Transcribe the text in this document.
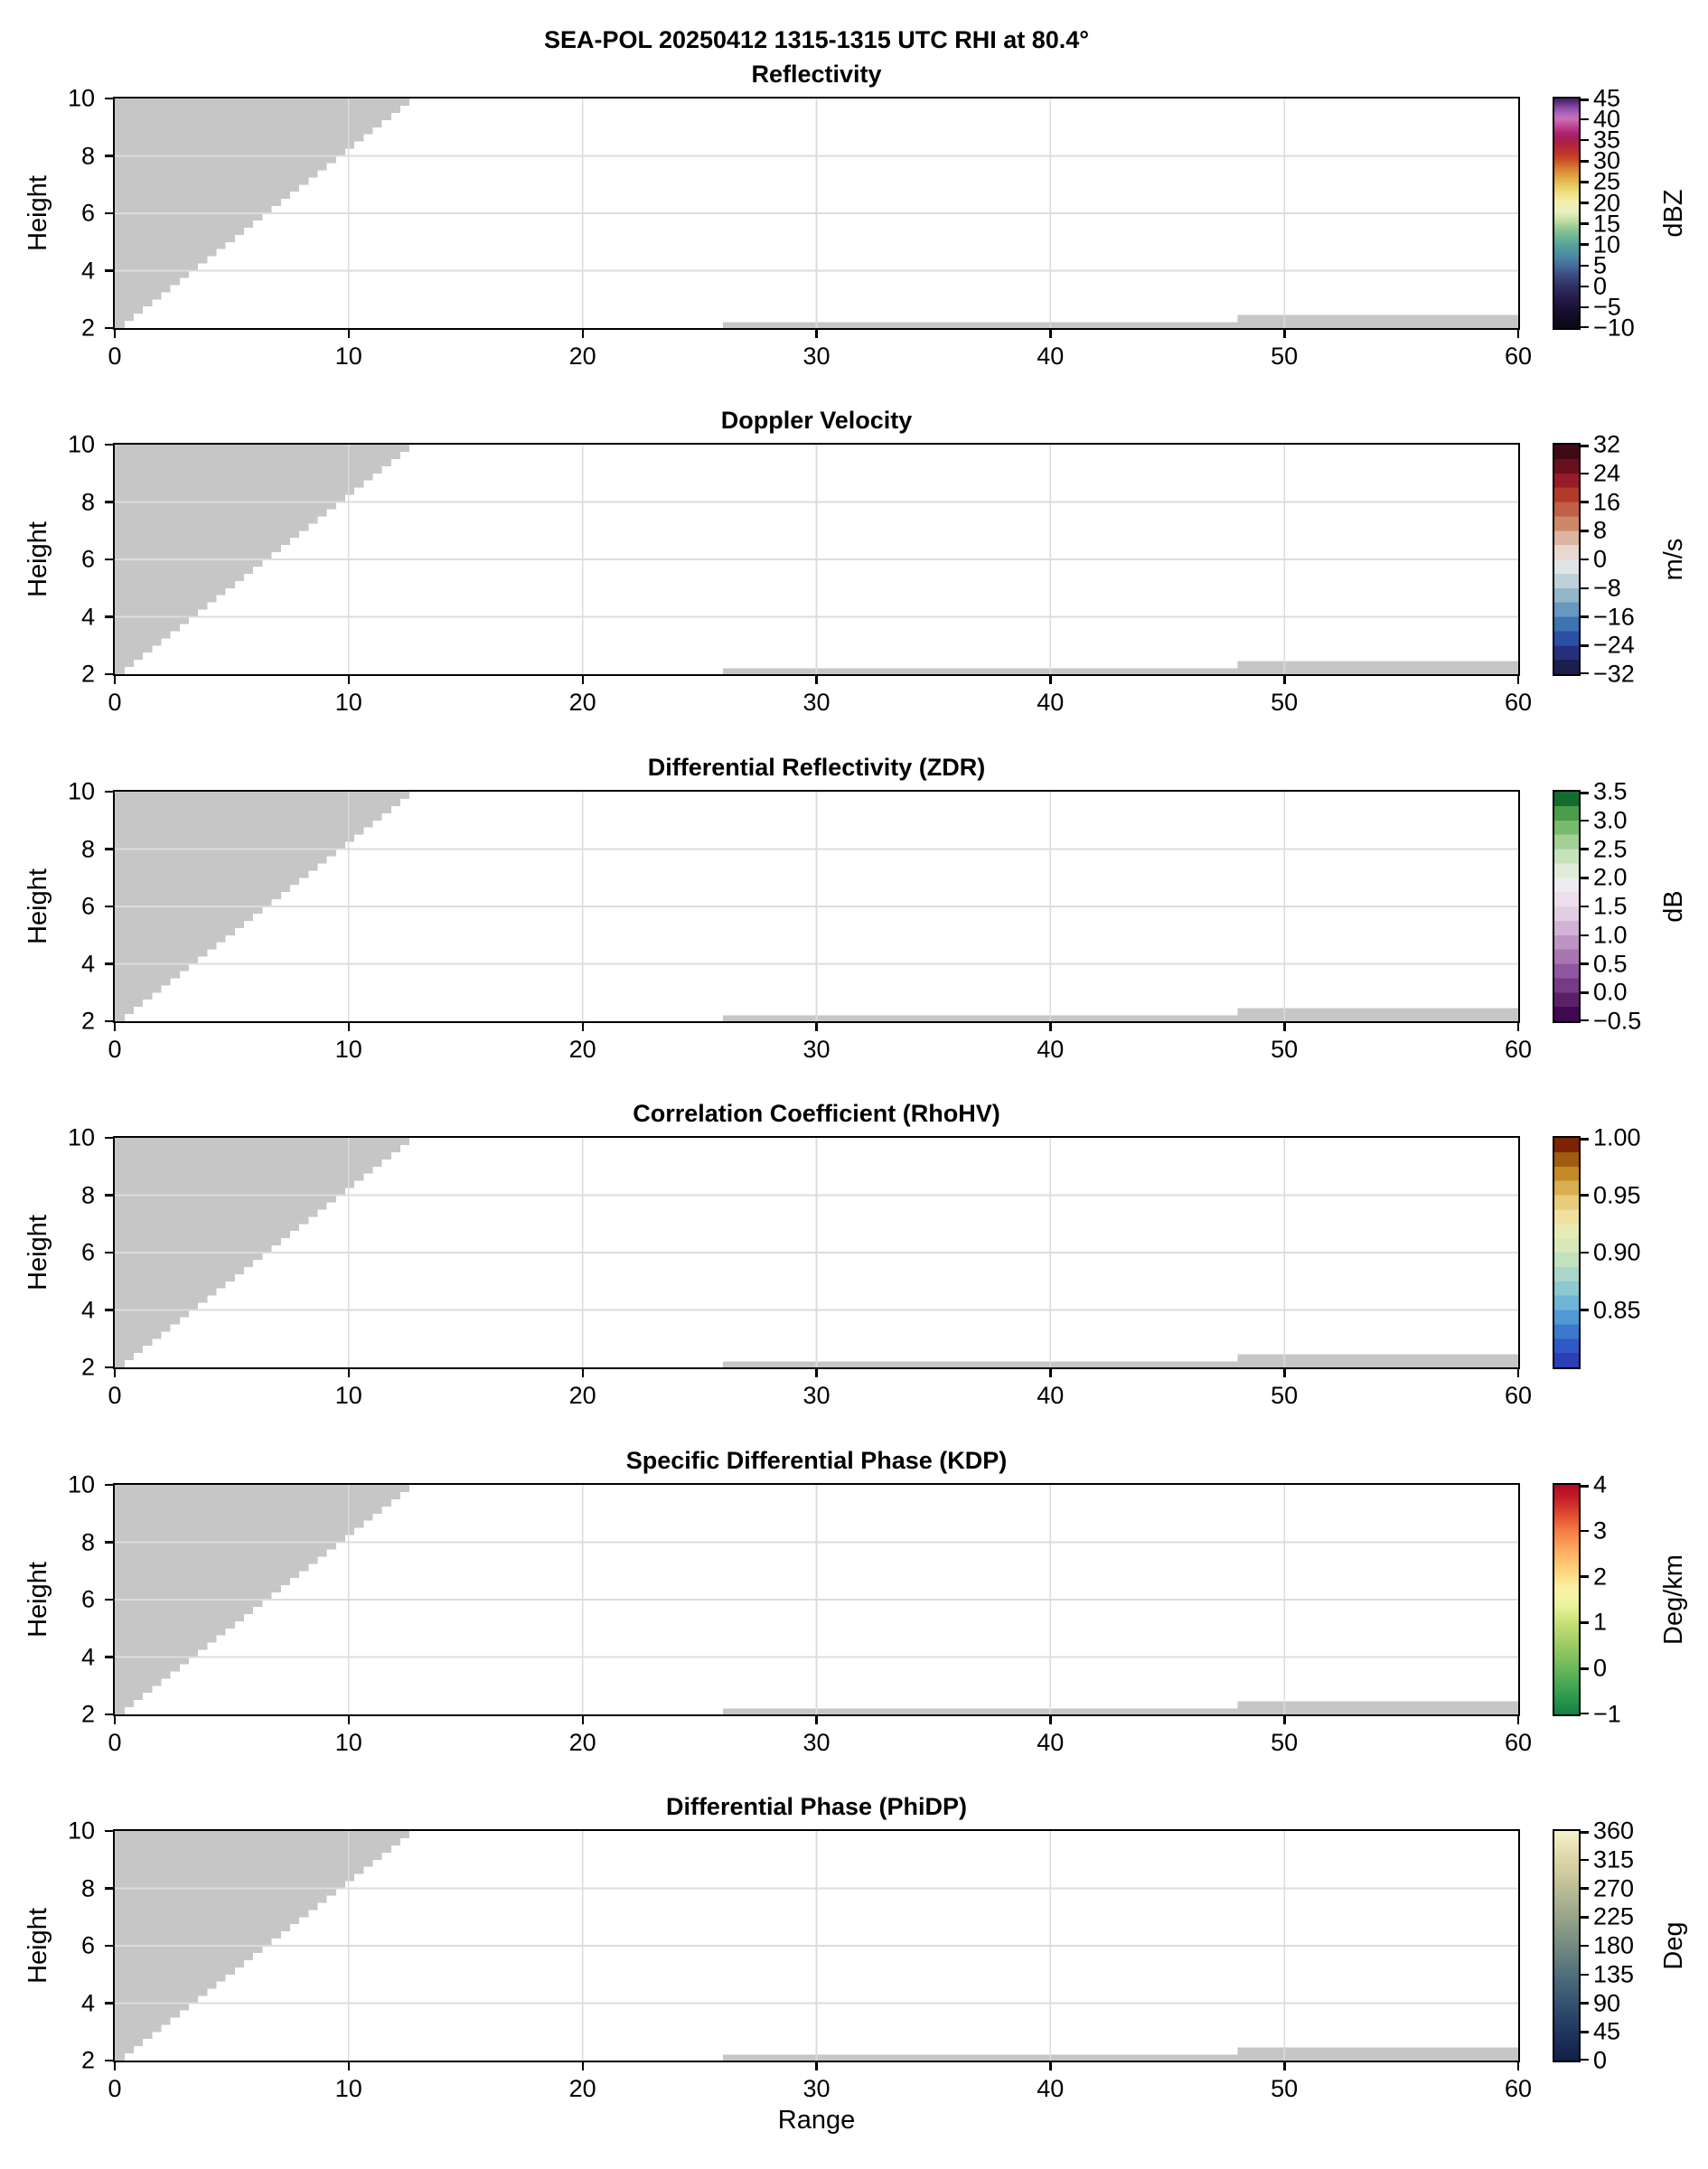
SEA-POL 20250412 1315-1315 UTC RHI at 80.4°
Reflectivity
Height
0	10	20	30	40	50	60
2
4
6
8
10	45
40
35
30
25
20
15
10
5
0
−5
−10
dBZ
Doppler Velocity
Height
0	10	20	30	40	50	60
2
4
6
8
10	32
24
16
8
0
−8
−16
−24
−32
m/s
Differential Reflectivity (ZDR)
Height
0	10	20	30	40	50	60
2
4
6
8
10	3.5
3.0
2.5
2.0
1.5
1.0
0.5
0.0
−0.5
dB
Correlation Coefficient (RhoHV)
Height
0	10	20	30	40	50	60
2
4
6
8
10	1.00
0.95
0.90
0.85
Specific Differential Phase (KDP)
Height
0	10	20	30	40	50	60
2
4
6
8
10	4
3
2
1
0
−1
Deg/km
Differential Phase (PhiDP)
Height
0	10	20	30	40	50	60
2
4
6
8
10	360
315
270
225
180
135
90
45
0
Deg
Range
